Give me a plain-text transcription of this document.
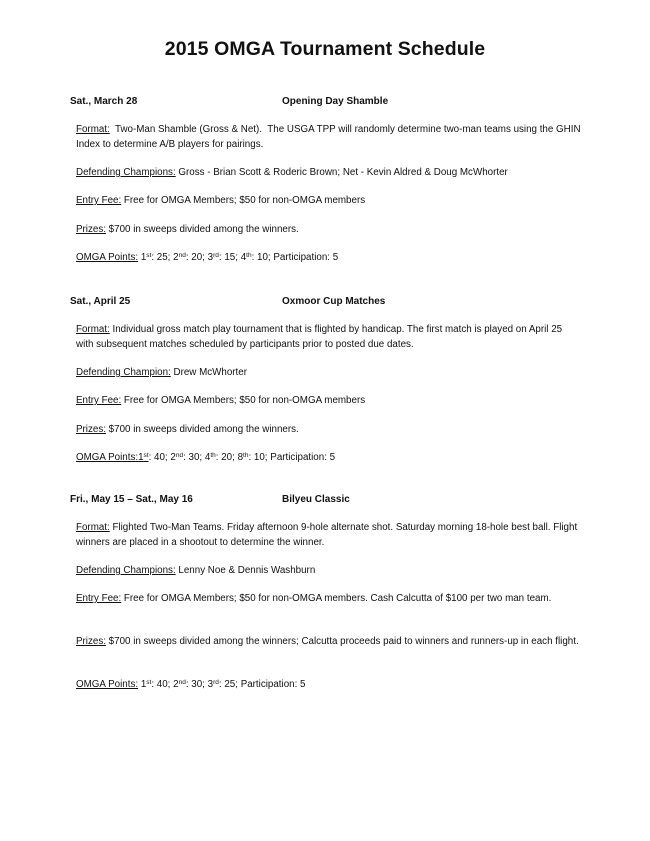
2015 OMGA Tournament Schedule
Sat., March 28	Opening Day Shamble
Format:  Two-Man Shamble (Gross & Net).  The USGA TPP will randomly determine two-man teams using the GHIN Index to determine A/B players for pairings.
Defending Champions: Gross - Brian Scott & Roderic Brown; Net - Kevin Aldred & Doug McWhorter
Entry Fee: Free for OMGA Members; $50 for non-OMGA members
Prizes: $700 in sweeps divided among the winners.
OMGA Points: 1st: 25; 2nd: 20; 3rd: 15; 4th: 10; Participation: 5
Sat., April 25	Oxmoor Cup Matches
Format: Individual gross match play tournament that is flighted by handicap. The first match is played on April 25 with subsequent matches scheduled by participants prior to posted due dates.
Defending Champion: Drew McWhorter
Entry Fee: Free for OMGA Members; $50 for non-OMGA members
Prizes: $700 in sweeps divided among the winners.
OMGA Points:1st: 40; 2nd: 30; 4th: 20; 8th: 10; Participation: 5
Fri., May 15 – Sat., May 16	Bilyeu Classic
Format: Flighted Two-Man Teams. Friday afternoon 9-hole alternate shot. Saturday morning 18-hole best ball. Flight winners are placed in a shootout to determine the winner.
Defending Champions: Lenny Noe & Dennis Washburn
Entry Fee: Free for OMGA Members; $50 for non-OMGA members. Cash Calcutta of $100 per two man team.
Prizes: $700 in sweeps divided among the winners; Calcutta proceeds paid to winners and runners-up in each flight.
OMGA Points: 1st: 40; 2nd: 30; 3rd: 25; Participation: 5
